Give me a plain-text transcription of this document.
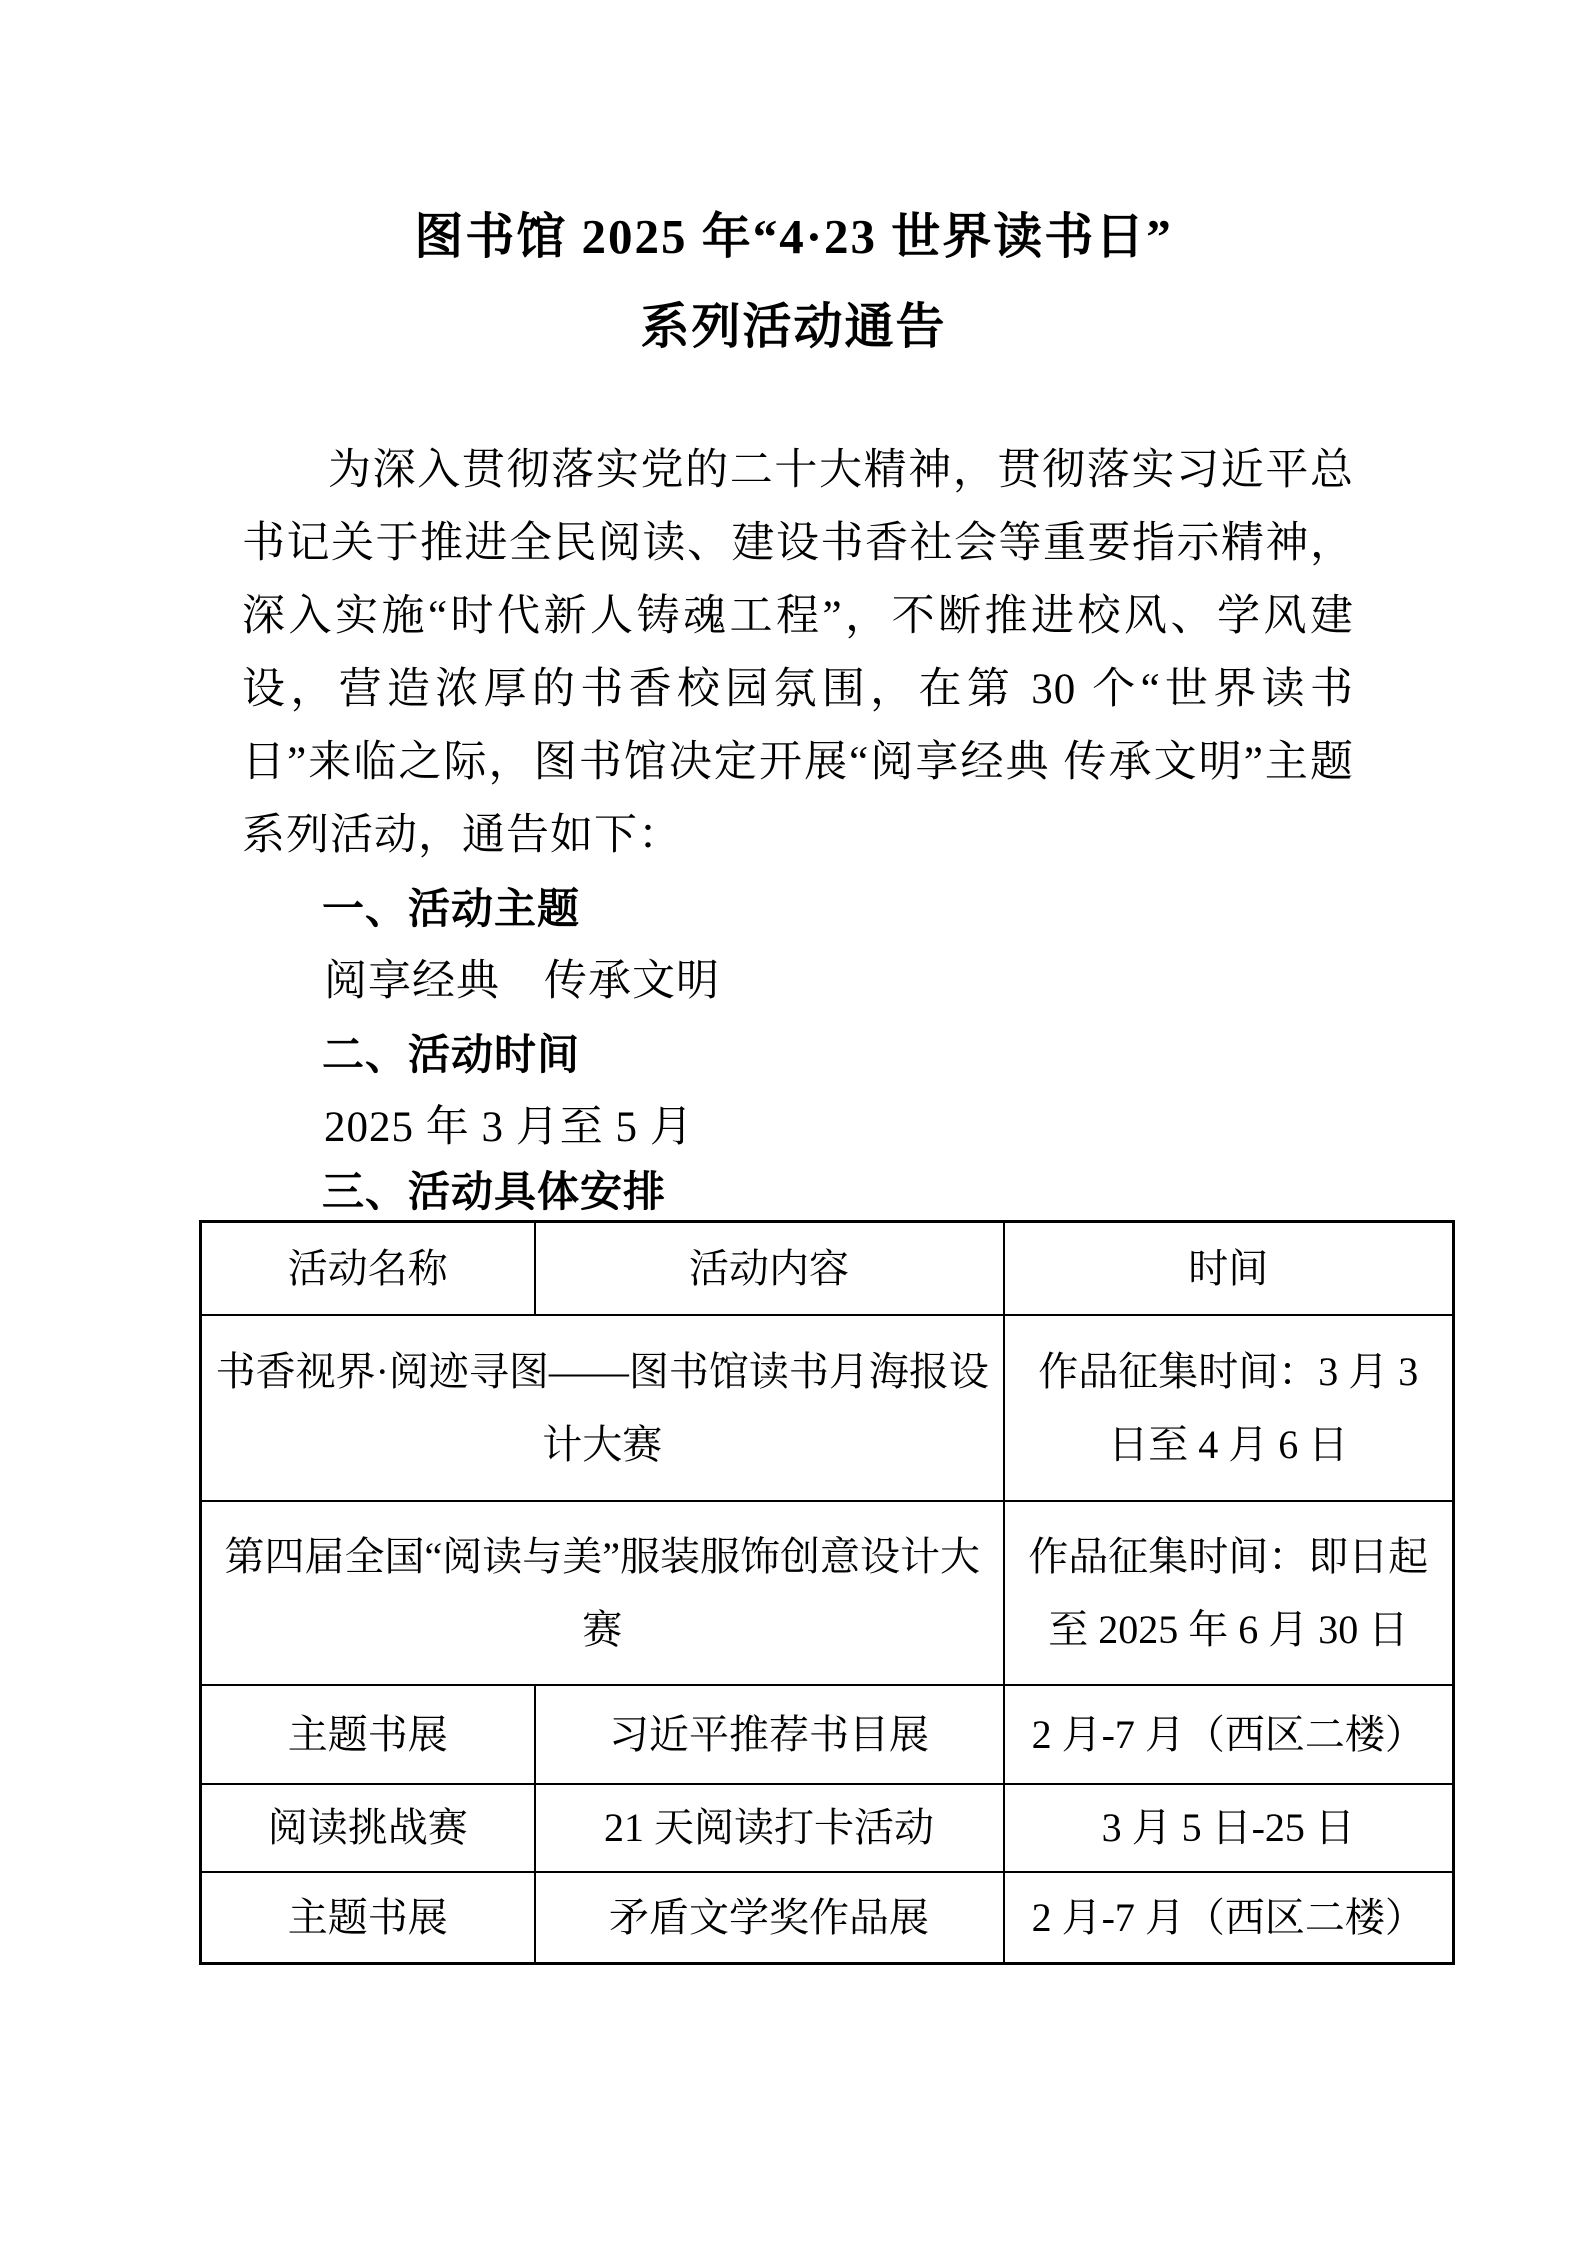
图书馆 2025 年“4·23 世界读书日”
系列活动通告

为深入贯彻落实党的二十大精神，贯彻落实习近平总书记关于推进全民阅读、建设书香社会等重要指示精神，深入实施“时代新人铸魂工程”，不断推进校风、学风建设，营造浓厚的书香校园氛围，在第 30 个“世界读书日”来临之际，图书馆决定开展“阅享经典 传承文明”主题系列活动，通告如下：

一、活动主题
阅享经典　传承文明
二、活动时间
2025 年 3 月至 5 月
三、活动具体安排
活动名称	活动内容	时间
书香视界·阅迹寻图——图书馆读书月海报设计大赛		作品征集时间：3 月 3 日至 4 月 6 日
第四届全国“阅读与美”服装服饰创意设计大赛		作品征集时间：即日起至 2025 年 6 月 30 日
主题书展	习近平推荐书目展	2 月-7 月（西区二楼）
阅读挑战赛	21 天阅读打卡活动	3 月 5 日-25 日
主题书展	矛盾文学奖作品展	2 月-7 月（西区二楼）
